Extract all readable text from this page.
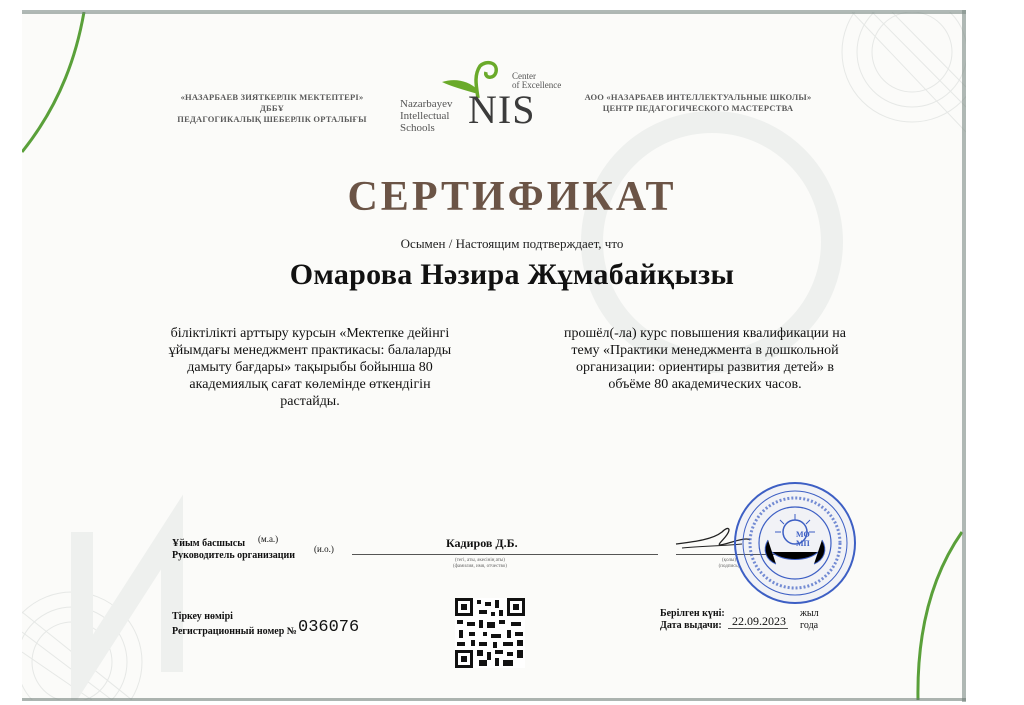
«НАЗАРБАЕВ ЗИЯТКЕРЛІК МЕКТЕПТЕРІ» ДББҰ
ПЕДАГОГИКАЛЫҚ ШЕБЕРЛІК ОРТАЛЫҒЫ
Nazarbayev
Intellectual
Schools NIS
Center
of Excellence
АОО «НАЗАРБАЕВ ИНТЕЛЛЕКТУАЛЬНЫЕ ШКОЛЫ»
ЦЕНТР ПЕДАГОГИЧЕСКОГО МАСТЕРСТВА
СЕРТИФИКАТ
Осымен / Настоящим подтверждает, что
Омарова Нәзира Жұмабайқызы
біліктілікті арттыру курсын «Мектепке дейінгі
ұйымдағы менеджмент практикасы: балаларды
дамыту бағдары» тақырыбы бойынша 80
академиялық сағат көлемінде өткендігін
растайды.
прошёл(-ла) курс повышения квалификации на
тему «Практики менеджмента в дошкольной
организации: ориентиры развития детей» в
объёме 80 академических часов.
Ұйым басшысы (м.а.)
Руководитель организации
(и.о.)	Кадиров Д.Б.
(тегі, аты, әкесінің аты)
(фамилия, имя, отчество)
(қолы)
(подпись)
МО
МП
Тіркеу нөмірі
Регистрационный номер № 036076
Берілген күні:
Дата выдачи: 22.09.2023
жыл
года
